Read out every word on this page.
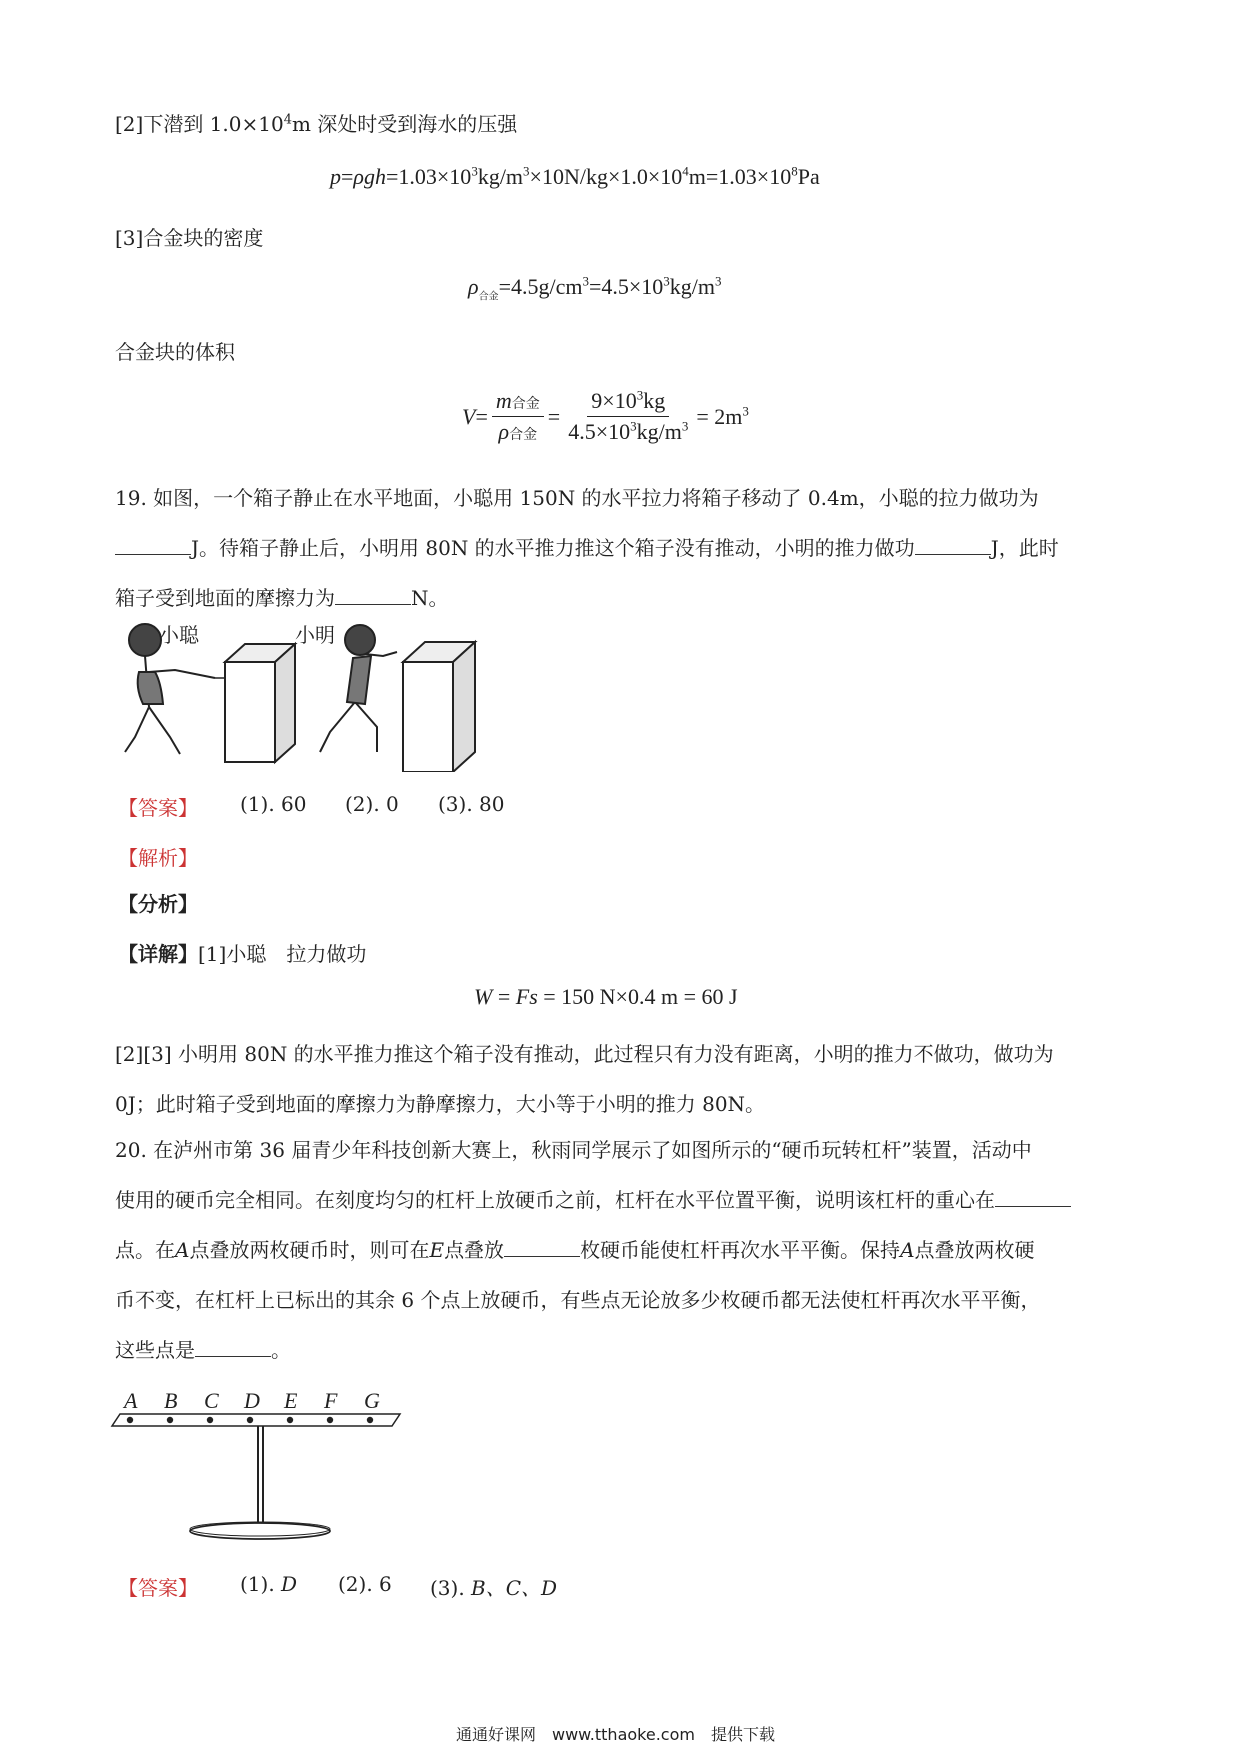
[2]下潜到 $1.0\times 10^4m$ 深处时受到海水的压强
$p=\rho gh=1.03\times 10^3kg/m^3\times 10N/kg\times 1.0\times 10^4m=1.03\times 10^8Pa$
[3]合金块的密度
$\rho_{合金}=4.5g/cm^3=4.5\times 10^3kg/m^3$
合金块的体积
$V= \frac{\text{m合金}}{\text{ρ合金}} = \frac{9\times 10^3kg}{4.5\times 10^3kg/m^3} = 2m^3$
19. 如图，一个箱子静止在水平地面，小聪用 150N 的水平拉力将箱子移动了 0.4m，小聪的拉力做功为
J。待箱子静止后，小明用 80N 的水平推力推这个箱子没有推动，小明的推力做功	J，此时
箱子受到地面的摩擦力为	N。
小聪	小明
【答案】 (1). 60 (2). 0 (3). 80
【解析】
【分析】
【详解】[1]小聪　拉力做功
W = Fs = 150 N×0.4 m = 60 J
[2][3] 小明用 80N 的水平推力推这个箱子没有推动，此过程只有力没有距离，小明的推力不做功，做功为
0J；此时箱子受到地面的摩擦力为静摩擦力，大小等于小明的推力 80N。
20. 在泸州市第 36 届青少年科技创新大赛上，秋雨同学展示了如图所示的“硬币玩转杠杆”装置，活动中
使用的硬币完全相同。在刻度均匀的杠杆上放硬币之前，杠杆在水平位置平衡，说明该杠杆的重心在
点。在A点叠放两枚硬币时，则可在E点叠放	枚硬币能使杠杆再次水平平衡。保持A点叠放两枚硬
币不变，在杠杆上已标出的其余 6 个点上放硬币，有些点无论放多少枚硬币都无法使杠杆再次水平平衡，
这些点是	。
A B C D E F G
【答案】 (1). D (2). 6 (3). B、C、D
通通好课网　www.tthaoke.com　提供下载
